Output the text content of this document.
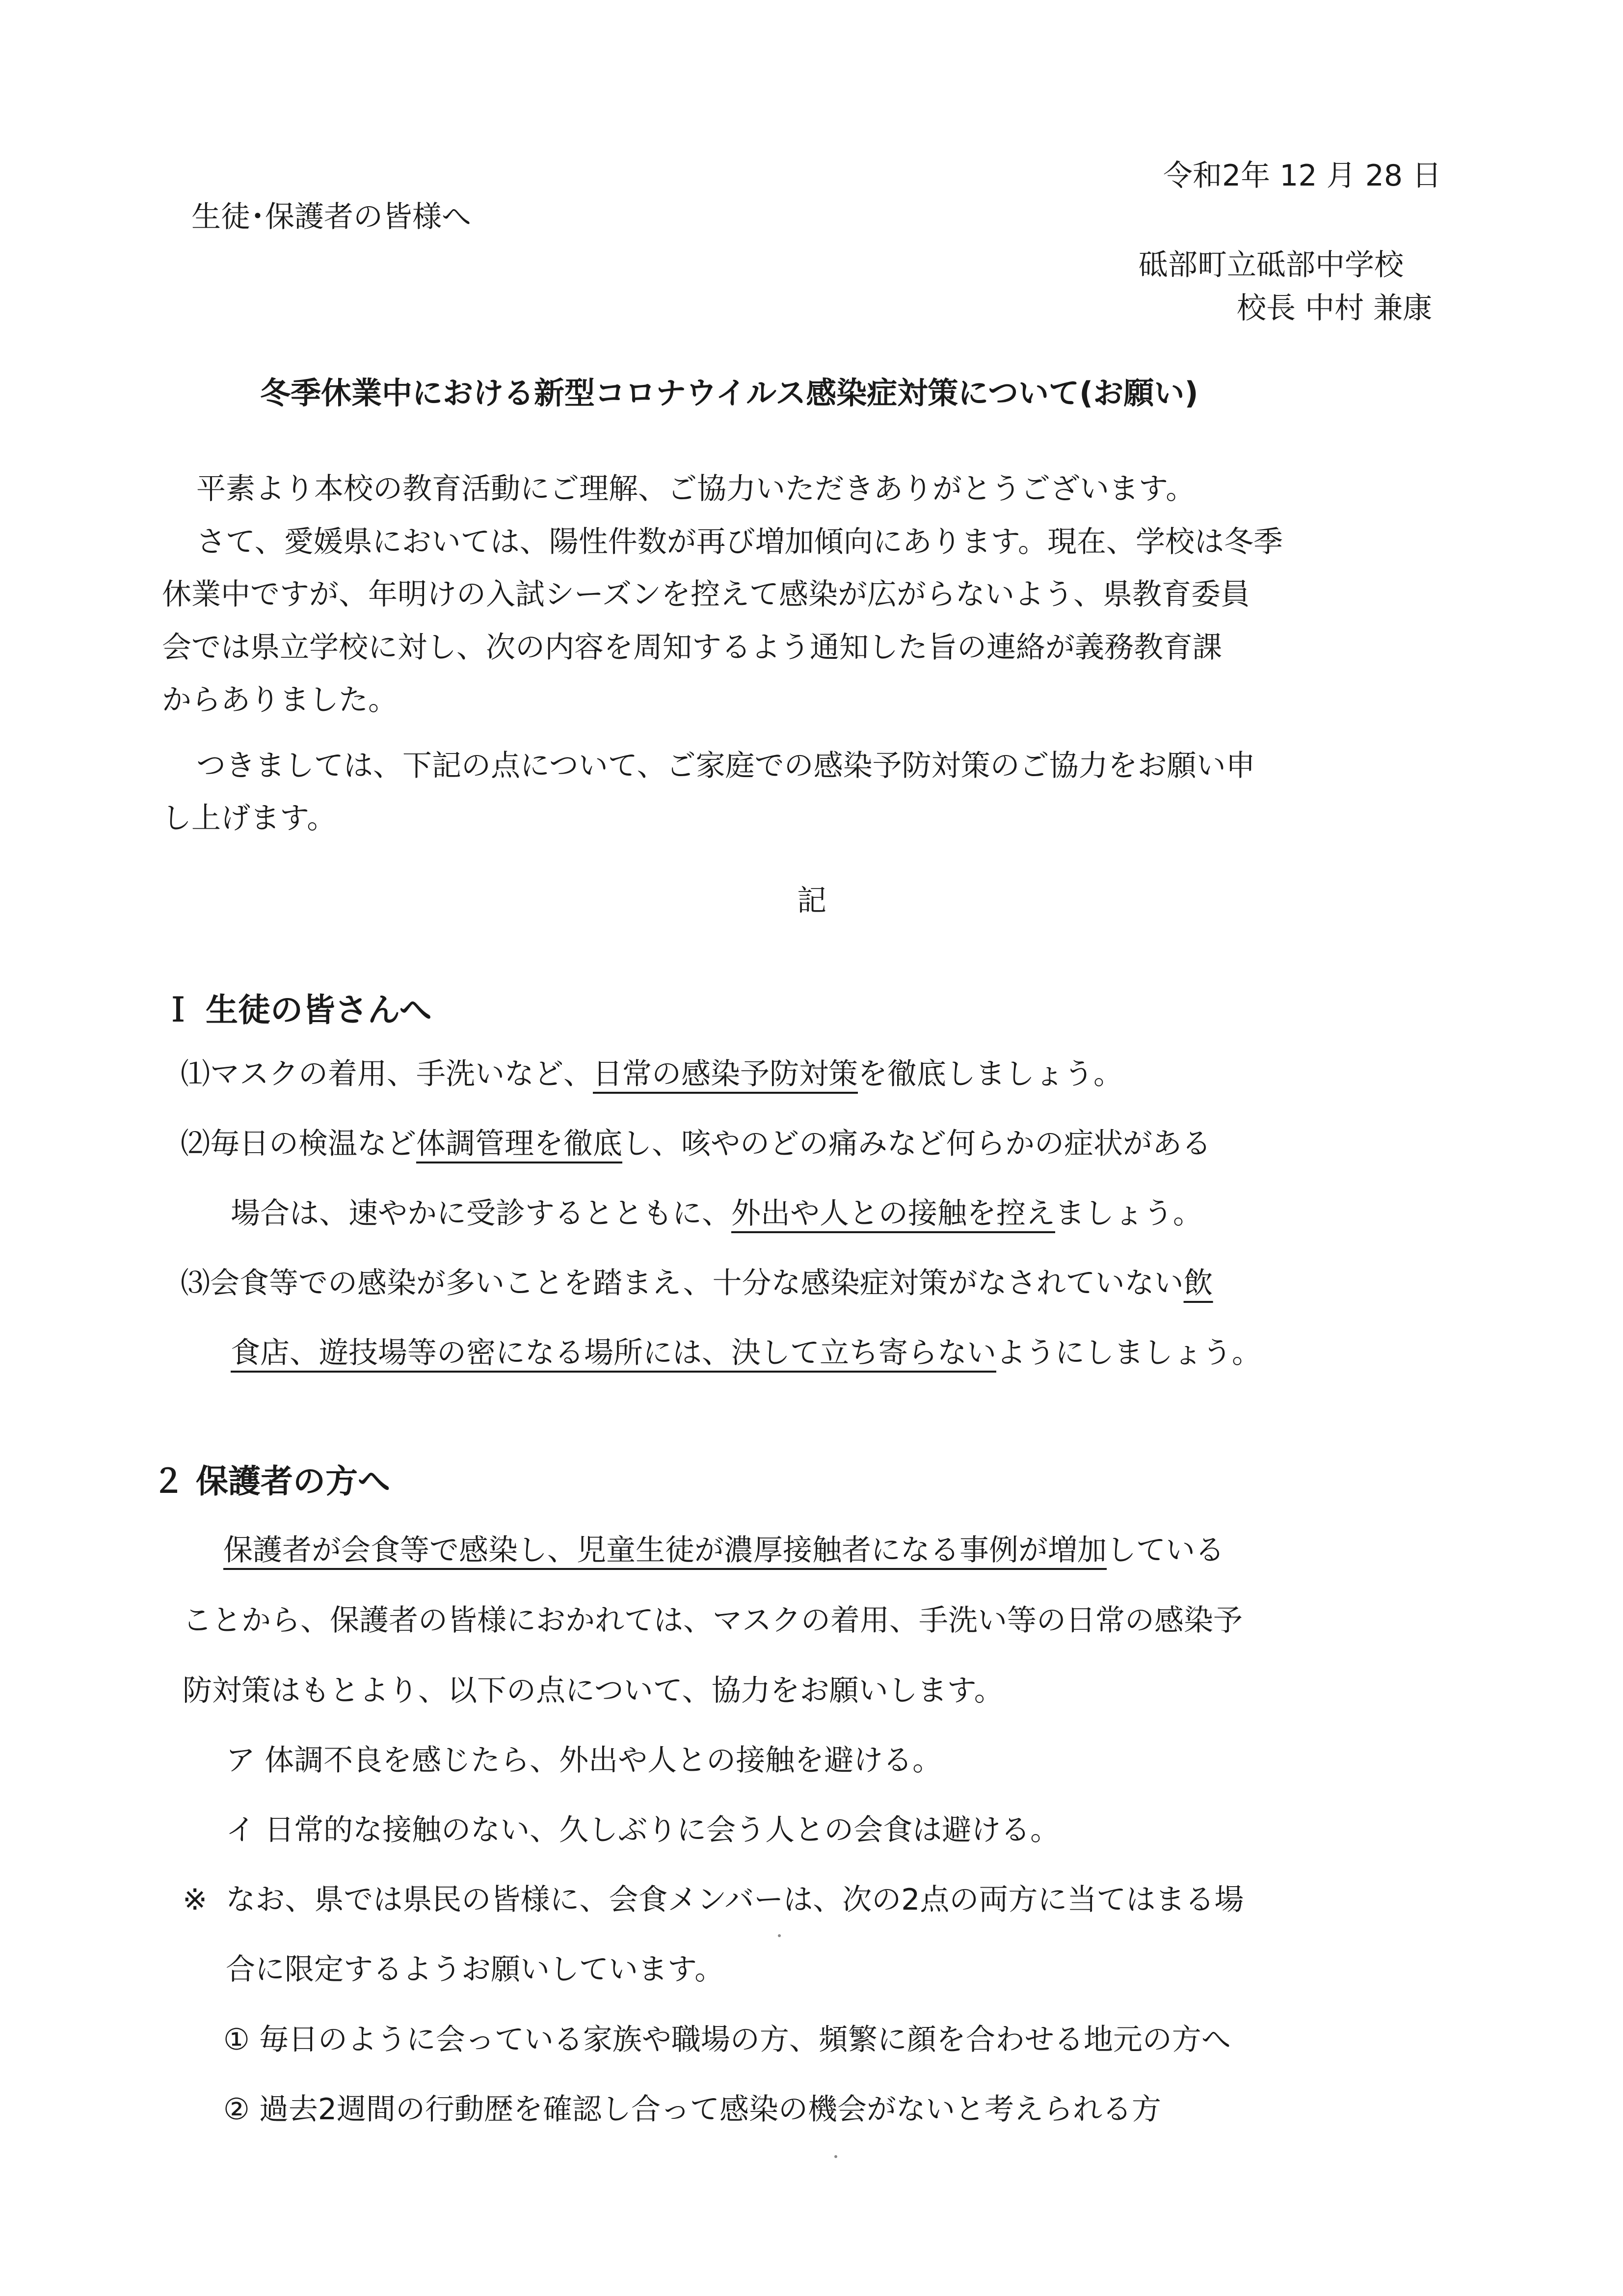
令和2年 12 月 28 日
生徒･保護者の皆様へ
砥部町立砥部中学校
校長 中村 兼康
冬季休業中における新型コロナウイルス感染症対策について(お願い)
平素より本校の教育活動にご理解、ご協力いただきありがとうございます。
さて、愛媛県においては、陽性件数が再び増加傾向にあります。現在、学校は冬季
休業中ですが、年明けの入試シーズンを控えて感染が広がらないよう、県教育委員
会では県立学校に対し、次の内容を周知するよう通知した旨の連絡が義務教育課
からありました。
つきましては、下記の点について、ご家庭での感染予防対策のご協力をお願い申
し上げます。
記
Ｉ 生徒の皆さんへ
⑴マスクの着用、手洗いなど、日常の感染予防対策を徹底しましょう。
⑵毎日の検温など体調管理を徹底し、咳やのどの痛みなど何らかの症状がある
場合は、速やかに受診するとともに、外出や人との接触を控えましょう。
⑶会食等での感染が多いことを踏まえ、十分な感染症対策がなされていない飲
食店、遊技場等の密になる場所には、決して立ち寄らないようにしましょう。
２ 保護者の方へ
保護者が会食等で感染し、児童生徒が濃厚接触者になる事例が増加している
ことから、保護者の皆様におかれては、マスクの着用、手洗い等の日常の感染予
防対策はもとより、以下の点について、協力をお願いします。
ア 体調不良を感じたら、外出や人との接触を避ける。
イ 日常的な接触のない、久しぶりに会う人との会食は避ける。
※ なお、県では県民の皆様に、会食メンバーは、次の2点の両方に当てはまる場
合に限定するようお願いしています。
① 毎日のように会っている家族や職場の方、頻繁に顔を合わせる地元の方へ
② 過去2週間の行動歴を確認し合って感染の機会がないと考えられる方
